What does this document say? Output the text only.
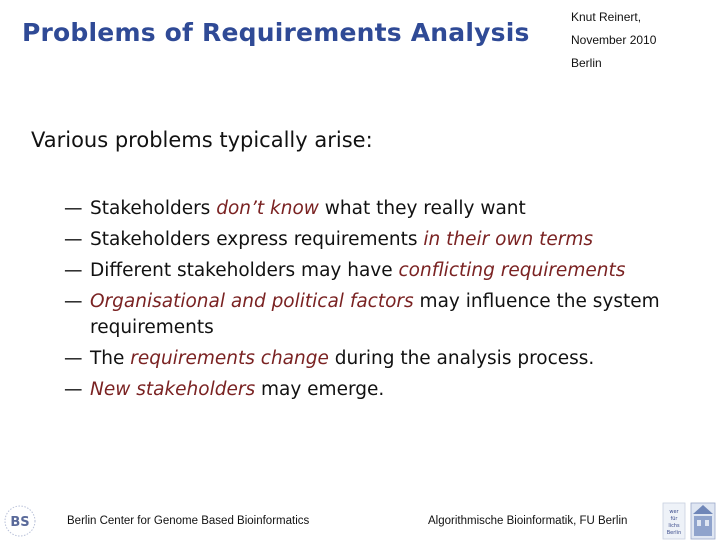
Problems of Requirements Analysis
Knut Reinert,
November 2010
Berlin
Various problems typically arise:
— Stakeholders don’t know what they really want
— Stakeholders express requirements in their own terms
— Different stakeholders may have conflicting requirements
— Organisational and political factors may influence the system requirements
— The requirements change during the analysis process.
— New stakeholders may emerge.
BS	Berlin Center for Genome Based Bioinformatics	Algorithmische Bioinformatik, FU Berlin
wer
für
lichs
Berlin
